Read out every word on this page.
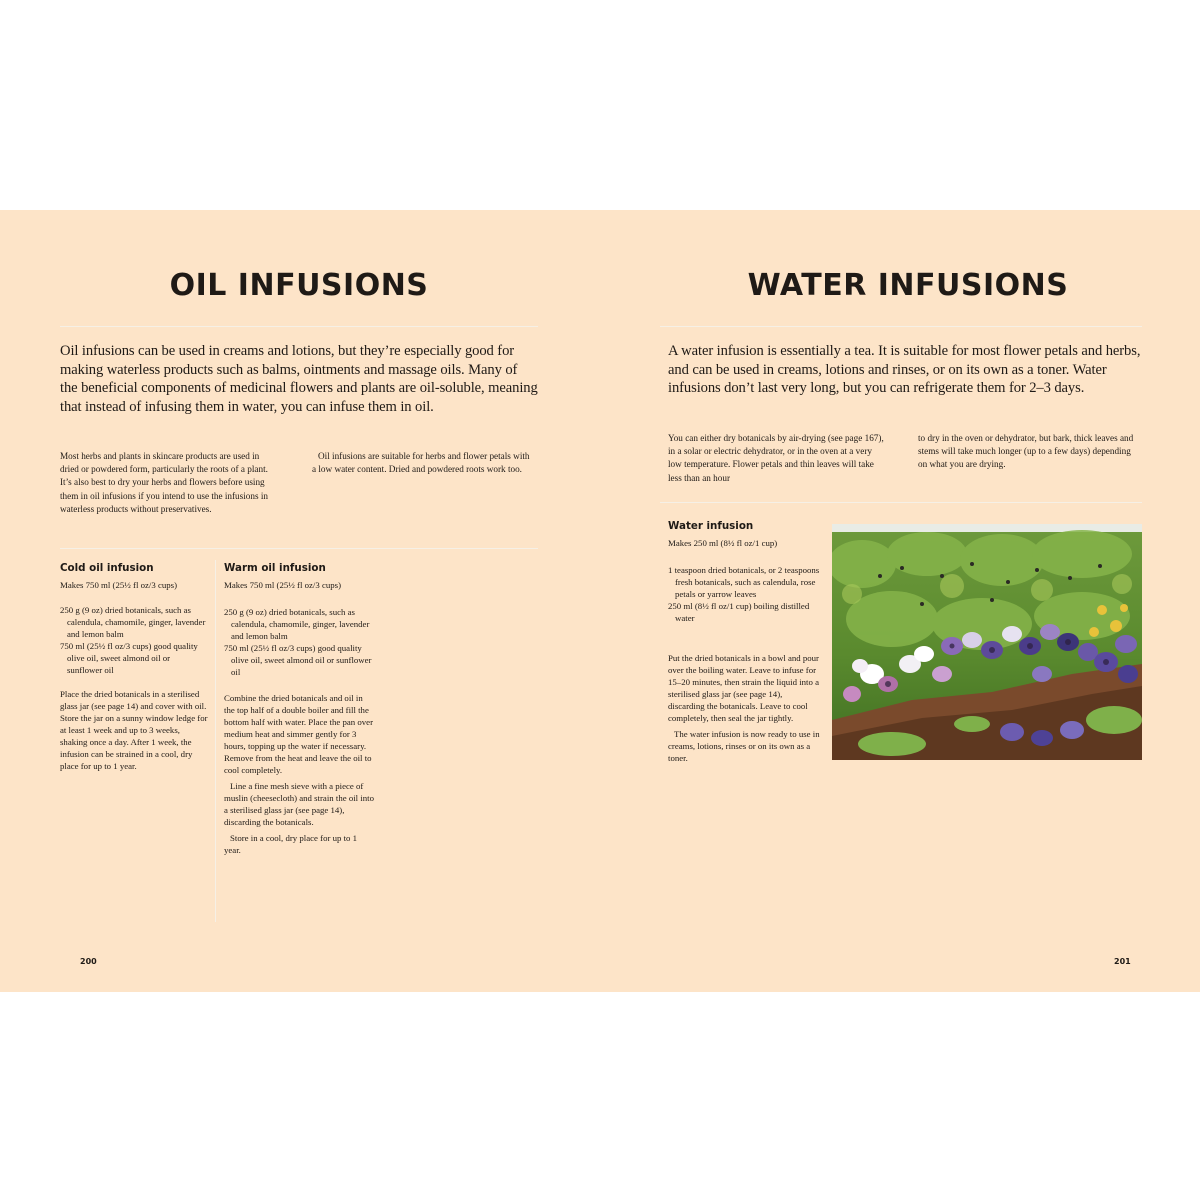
OIL INFUSIONS

Oil infusions can be used in creams and lotions, but they’re especially good for making waterless products such as balms, ointments and massage oils. Many of the beneficial components of medicinal flowers and plants are oil-soluble, meaning that instead of infusing them in water, you can infuse them in oil.

Most herbs and plants in skincare products are used in dried or powdered form, particularly the roots of a plant. It’s also best to dry your herbs and flowers before using them in oil infusions if you intend to use the infusions in waterless products without preservatives.

Oil infusions are suitable for herbs and flower petals with a low water content. Dried and powdered roots work too.

Cold oil infusion

Makes 750 ml (25½ fl oz/3 cups)

250 g (9 oz) dried botanicals, such as calendula, chamomile, ginger, lavender and lemon balm
750 ml (25½ fl oz/3 cups) good quality olive oil, sweet almond oil or sunflower oil

Place the dried botanicals in a sterilised glass jar (see page 14) and cover with oil. Store the jar on a sunny window ledge for at least 1 week and up to 3 weeks, shaking once a day. After 1 week, the infusion can be strained in a cool, dry place for up to 1 year.

Warm oil infusion

Makes 750 ml (25½ fl oz/3 cups)

250 g (9 oz) dried botanicals, such as calendula, chamomile, ginger, lavender and lemon balm
750 ml (25½ fl oz/3 cups) good quality olive oil, sweet almond oil or sunflower oil

Combine the dried botanicals and oil in the top half of a double boiler and fill the bottom half with water. Place the pan over medium heat and simmer gently for 3 hours, topping up the water if necessary. Remove from the heat and leave the oil to cool completely.

Line a fine mesh sieve with a piece of muslin (cheesecloth) and strain the oil into a sterilised glass jar (see page 14), discarding the botanicals.

Store in a cool, dry place for up to 1 year.

200

WATER INFUSIONS

A water infusion is essentially a tea. It is suitable for most flower petals and herbs, and can be used in creams, lotions and rinses, or on its own as a toner. Water infusions don’t last very long, but you can refrigerate them for 2–3 days.

You can either dry botanicals by air-drying (see page 167), in a solar or electric dehydrator, or in the oven at a very low temperature. Flower petals and thin leaves will take less than an hour

to dry in the oven or dehydrator, but bark, thick leaves and stems will take much longer (up to a few days) depending on what you are drying.

Water infusion

Makes 250 ml (8½ fl oz/1 cup)

1 teaspoon dried botanicals, or 2 teaspoons fresh botanicals, such as calendula, rose petals or yarrow leaves
250 ml (8½ fl oz/1 cup) boiling distilled water

Put the dried botanicals in a bowl and pour over the boiling water. Leave to infuse for 15–20 minutes, then strain the liquid into a sterilised glass jar (see page 14), discarding the botanicals. Leave to cool completely, then seal the jar tightly.

The water infusion is now ready to use in creams, lotions, rinses or on its own as a toner.

201
